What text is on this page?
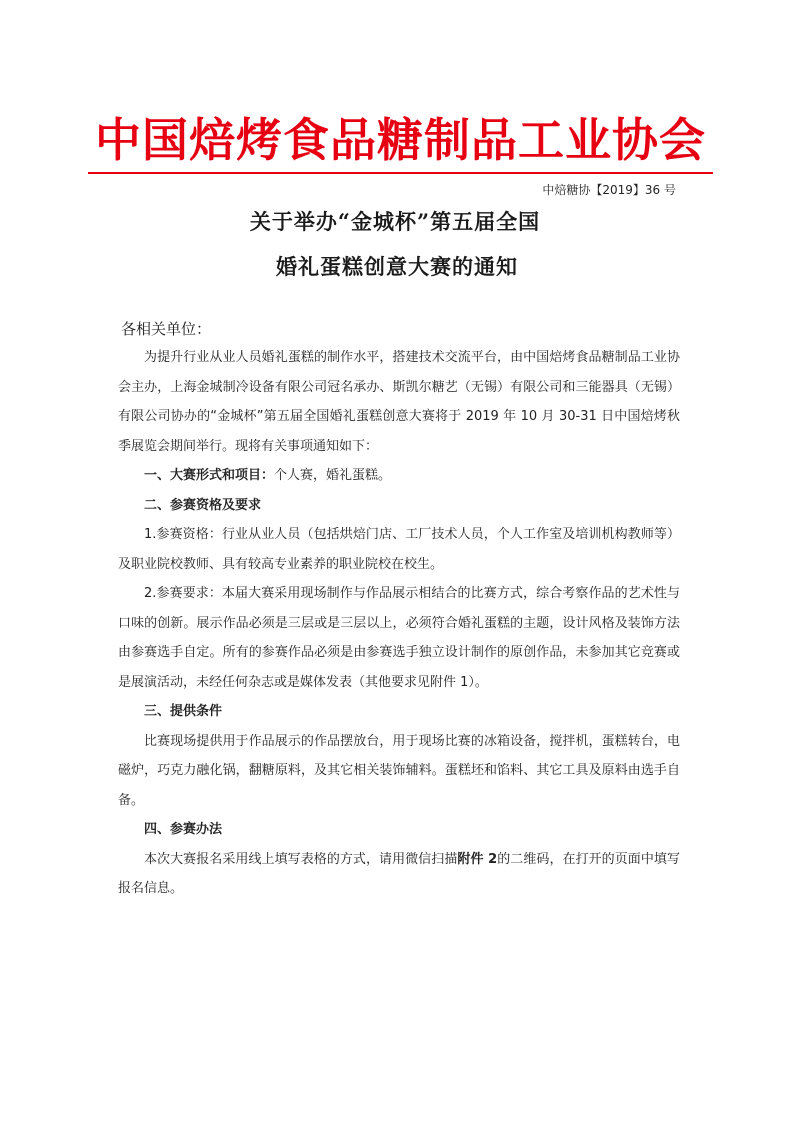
中国焙烤食品糖制品工业协会
中焙糖协【2019】36 号
关于举办“金城杯”第五届全国
婚礼蛋糕创意大赛的通知
各相关单位：

为提升行业从业人员婚礼蛋糕的制作水平，搭建技术交流平台，由中国焙烤食品糖制品工业协会主办，上海金城制冷设备有限公司冠名承办、斯凯尔糖艺（无锡）有限公司和三能器具（无锡）有限公司协办的“金城杯”第五届全国婚礼蛋糕创意大赛将于 2019 年 10 月 30-31 日中国焙烤秋季展览会期间举行。现将有关事项通知如下：

一、大赛形式和项目：个人赛，婚礼蛋糕。

二、参赛资格及要求

1.参赛资格：行业从业人员（包括烘焙门店、工厂技术人员，个人工作室及培训机构教师等）及职业院校教师、具有较高专业素养的职业院校在校生。

2.参赛要求：本届大赛采用现场制作与作品展示相结合的比赛方式，综合考察作品的艺术性与口味的创新。展示作品必须是三层或是三层以上，必须符合婚礼蛋糕的主题，设计风格及装饰方法由参赛选手自定。所有的参赛作品必须是由参赛选手独立设计制作的原创作品，未参加其它竞赛或是展演活动，未经任何杂志或是媒体发表（其他要求见附件 1）。

三、提供条件

比赛现场提供用于作品展示的作品摆放台，用于现场比赛的冰箱设备，搅拌机，蛋糕转台，电磁炉，巧克力融化锅，翻糖原料，及其它相关装饰辅料。蛋糕坯和馅料、其它工具及原料由选手自备。

四、参赛办法

本次大赛报名采用线上填写表格的方式，请用微信扫描附件 2的二维码，在打开的页面中填写报名信息。
